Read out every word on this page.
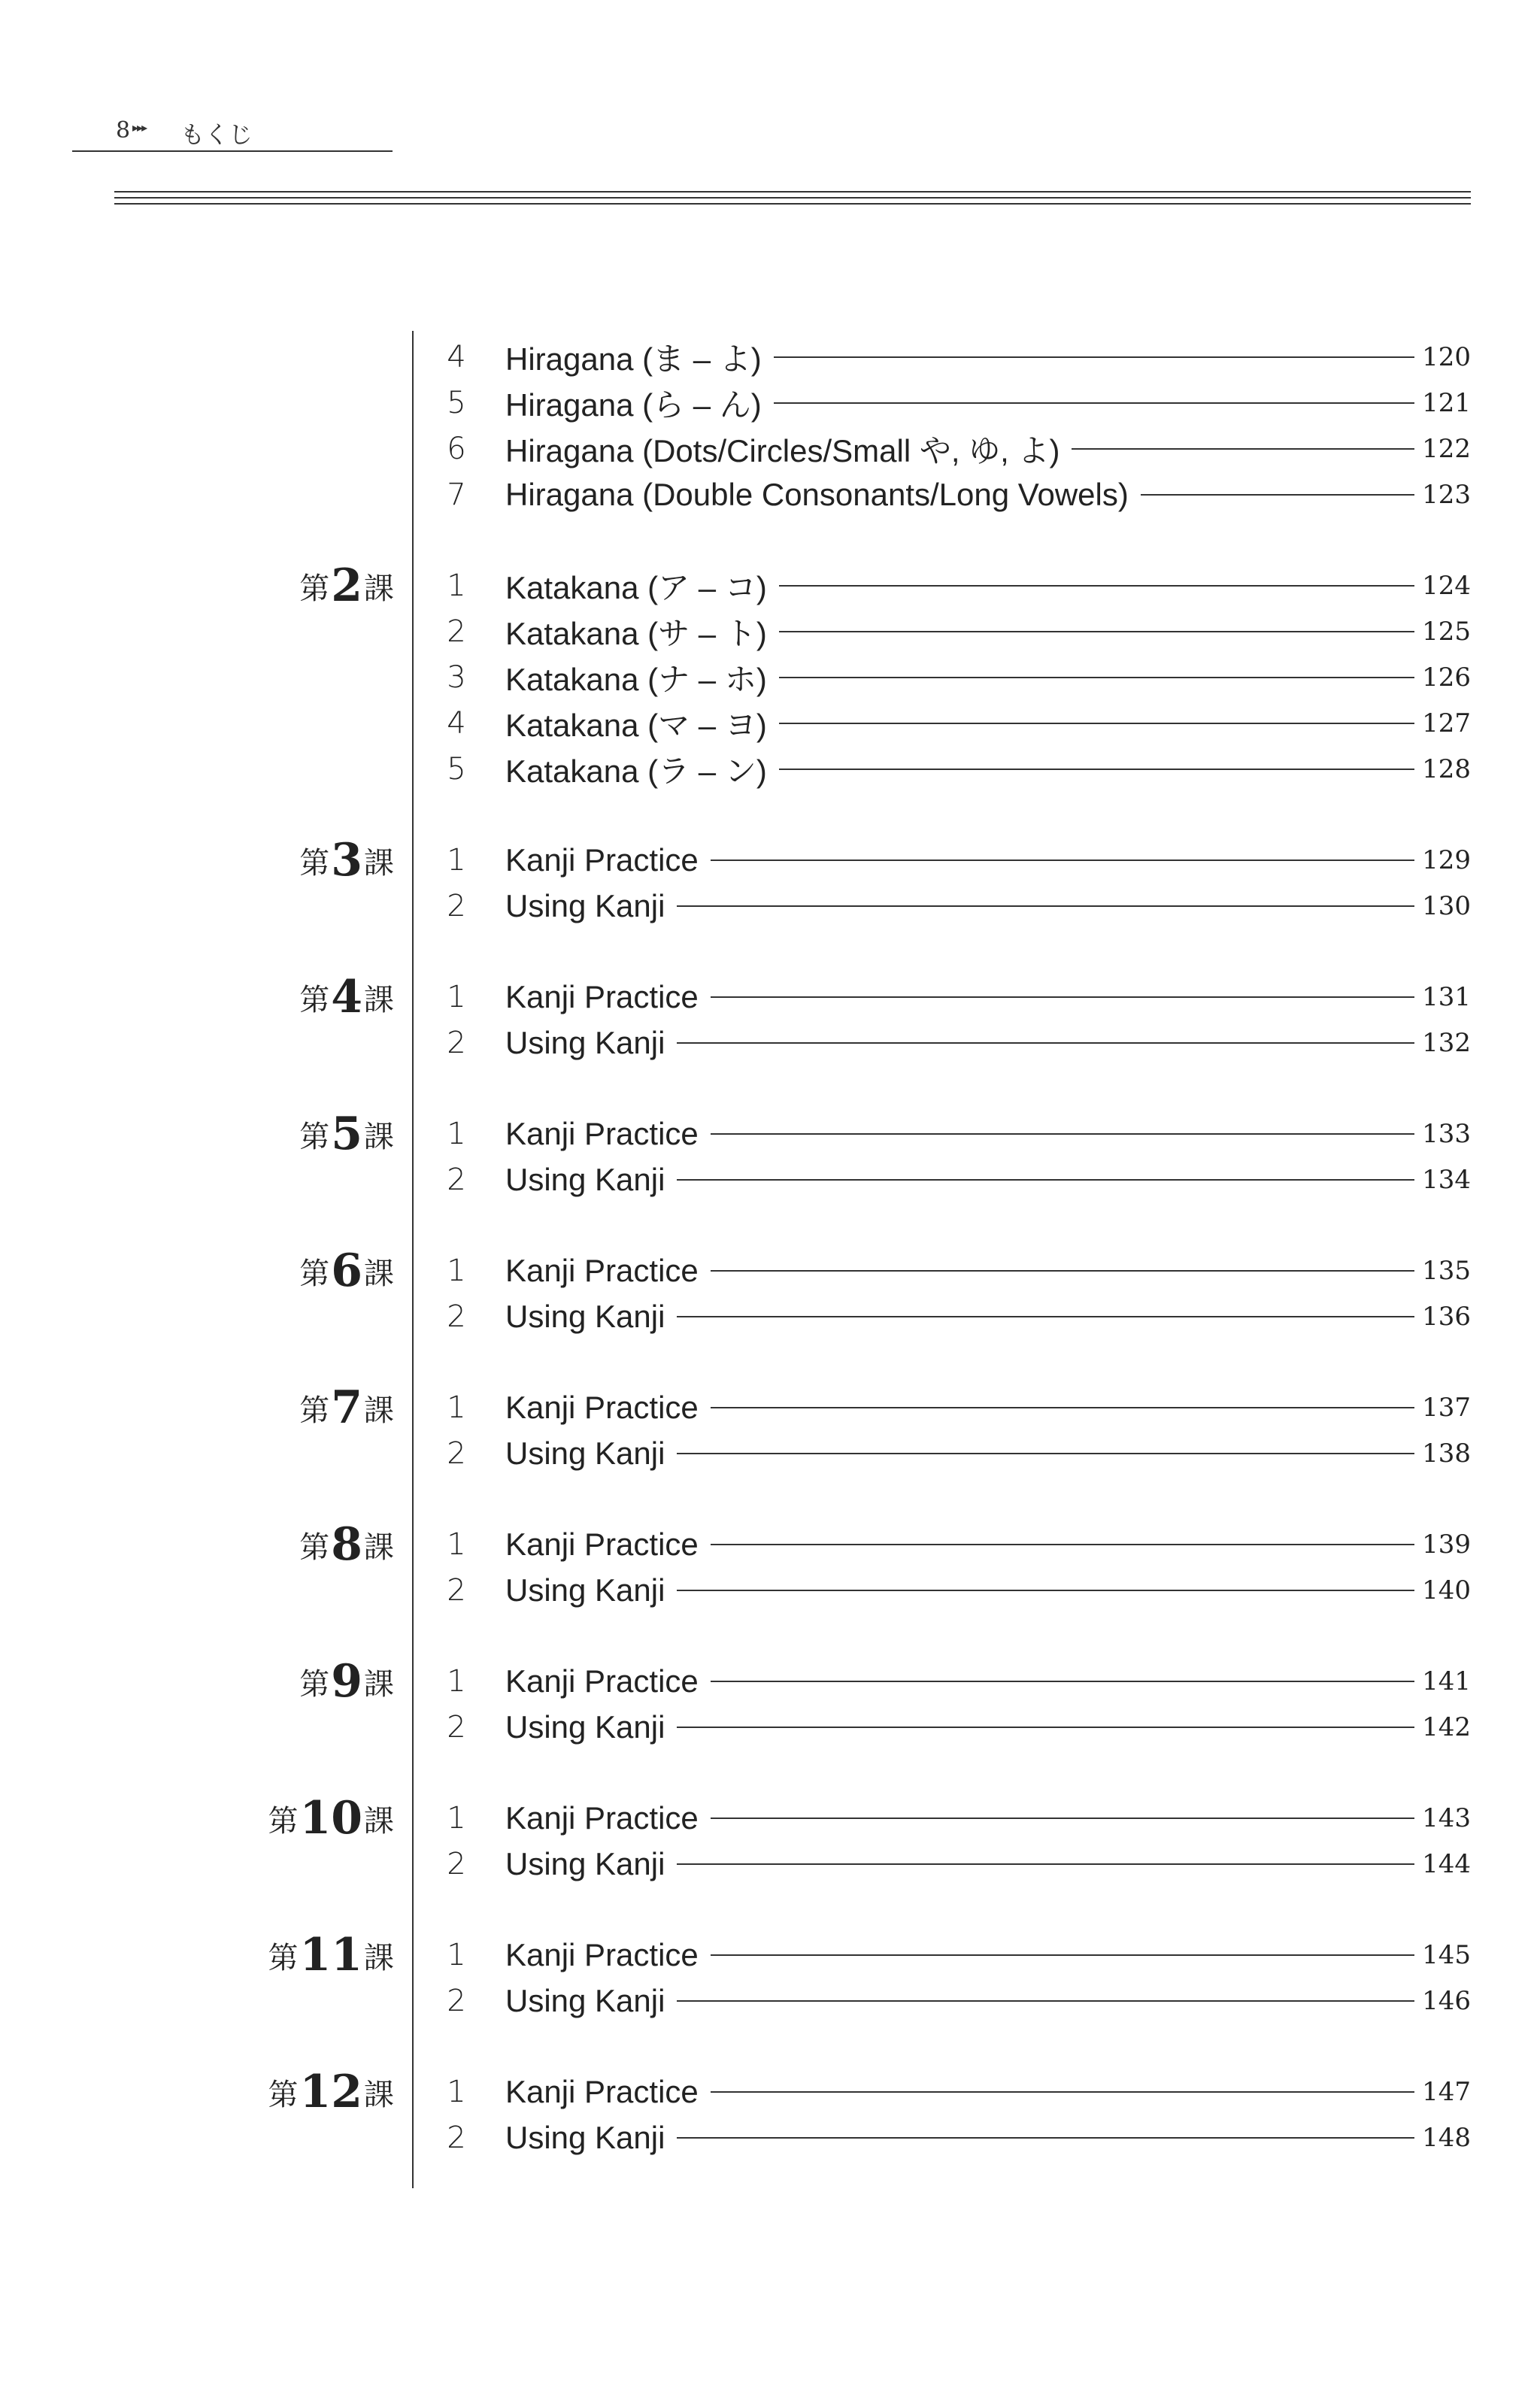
8 ▸▸▸ もくじ
4 Hiragana (ま – よ)	120
5 Hiragana (ら – ん)	121
6 Hiragana (Dots/Circles/Small や, ゆ, よ)	122
7 Hiragana (Double Consonants/Long Vowels)	123
第 2 課 1 Katakana (ア – コ)	124
2 Katakana (サ – ト)	125
3 Katakana (ナ – ホ)	126
4 Katakana (マ – ヨ)	127
5 Katakana (ラ – ン)	128
第 3 課 1 Kanji Practice	129
2 Using Kanji	130
第 4 課 1 Kanji Practice	131
2 Using Kanji	132
第 5 課 1 Kanji Practice	133
2 Using Kanji	134
第 6 課 1 Kanji Practice	135
2 Using Kanji	136
第 7 課 1 Kanji Practice	137
2 Using Kanji	138
第 8 課 1 Kanji Practice	139
2 Using Kanji	140
第 9 課 1 Kanji Practice	141
2 Using Kanji	142
第 10 課 1 Kanji Practice	143
2 Using Kanji	144
第 11 課 1 Kanji Practice	145
2 Using Kanji	146
第 12 課 1 Kanji Practice	147
2 Using Kanji	148
